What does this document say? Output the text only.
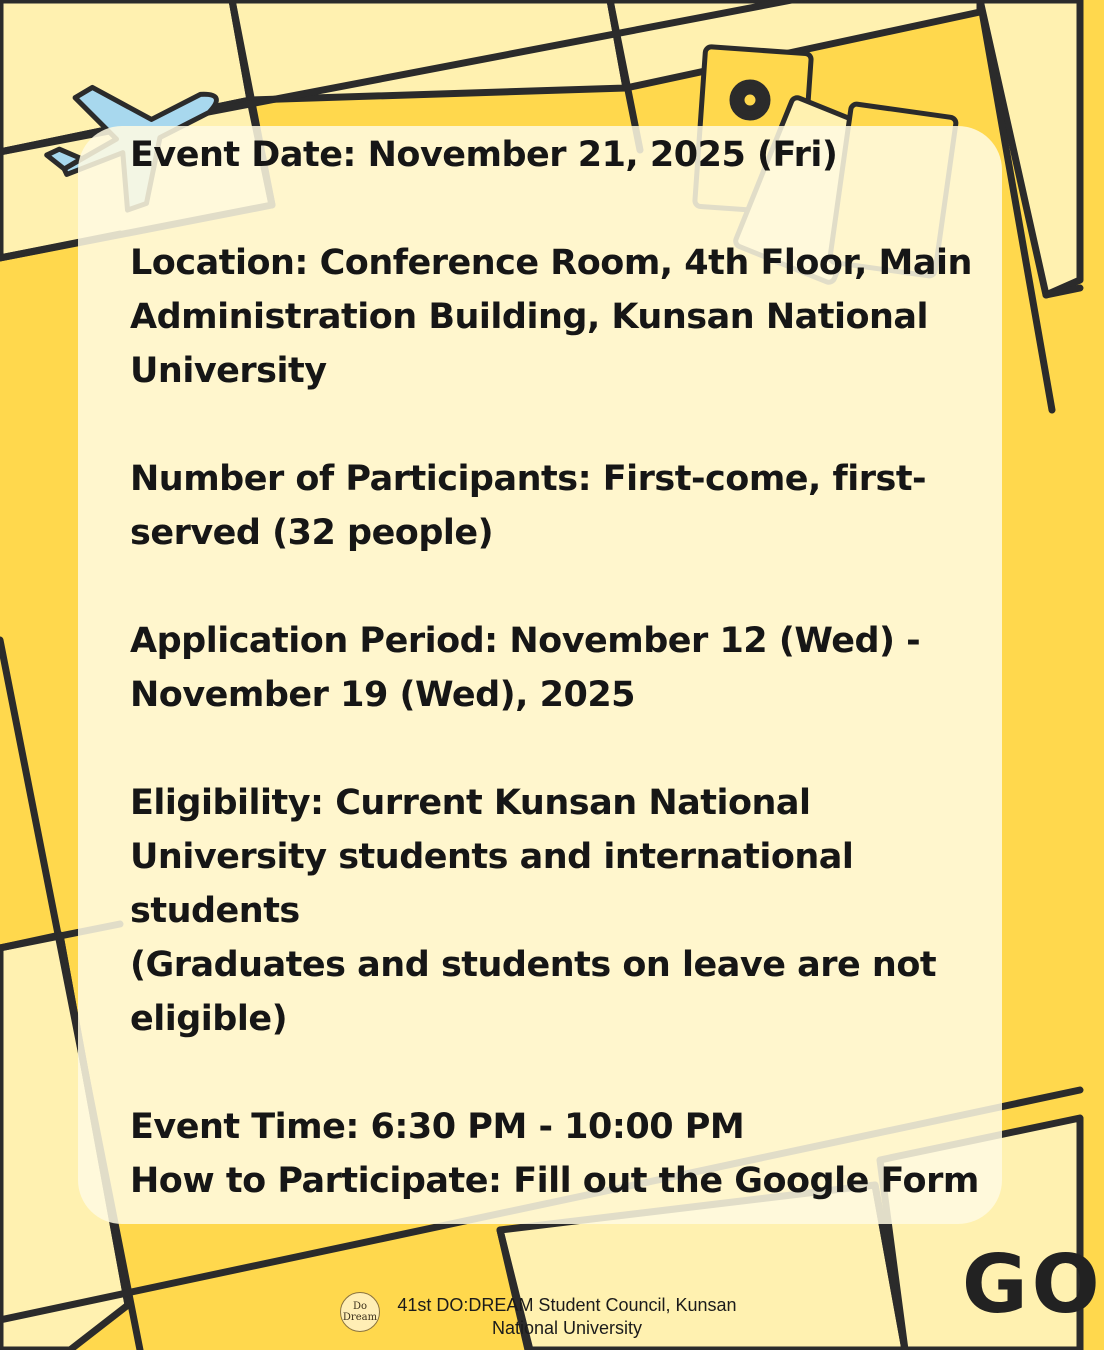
Event Date: November 21, 2025 (Fri)

Location: Conference Room, 4th Floor, Main Administration Building, Kunsan National University

Number of Participants: First-come, first-served (32 people)

Application Period: November 12 (Wed) - November 19 (Wed), 2025

Eligibility: Current Kunsan National University students and international students

(Graduates and students on leave are not eligible)

Event Time: 6:30 PM - 10:00 PM

How to Participate: Fill out the Google Form

GO
Do Dream
41st DO:DREAM Student Council, Kunsan National University
